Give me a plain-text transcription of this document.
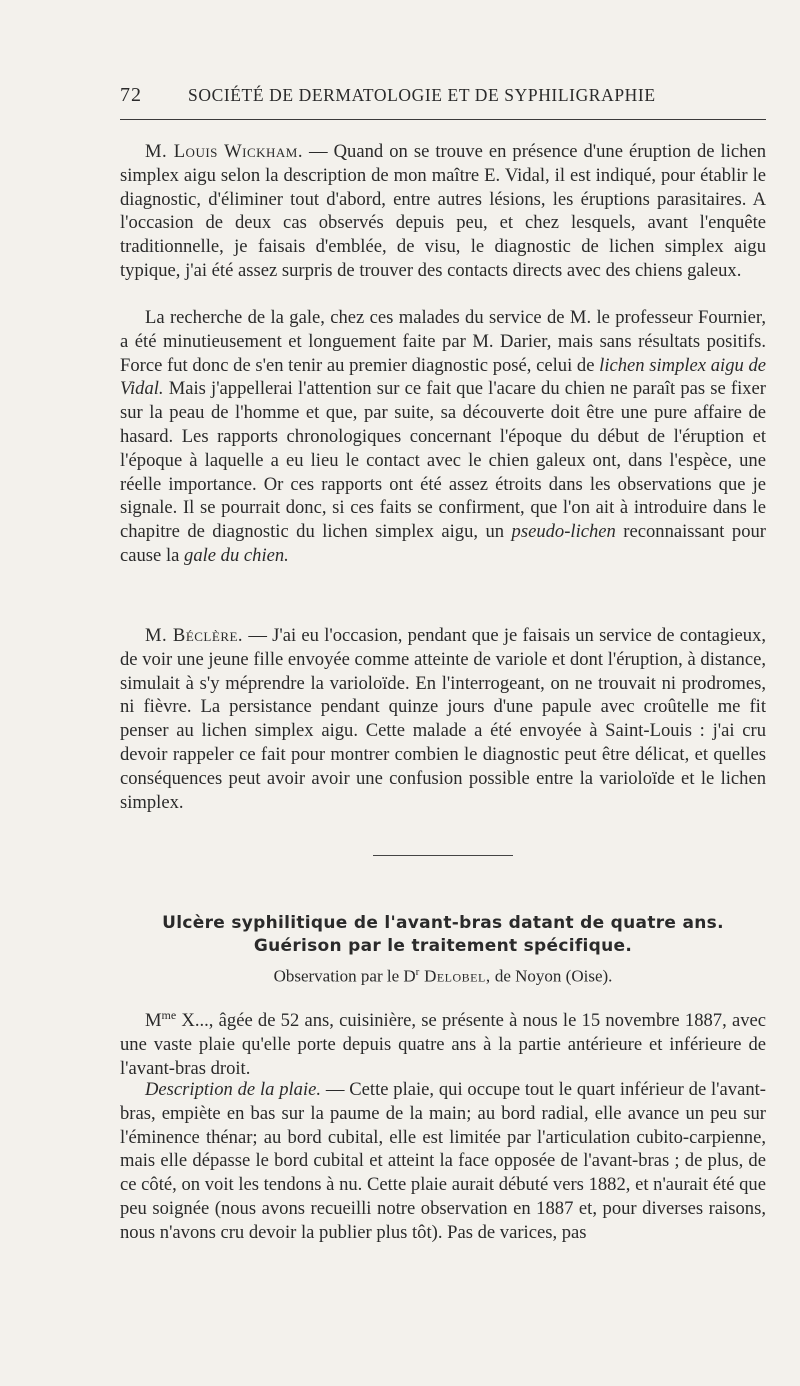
72	SOCIÉTÉ DE DERMATOLOGIE ET DE SYPHILIGRAPHIE

M. Louis Wickham. — Quand on se trouve en présence d'une éruption de lichen simplex aigu selon la description de mon maître E. Vidal, il est indiqué, pour établir le diagnostic, d'éliminer tout d'abord, entre autres lésions, les éruptions parasitaires. A l'occasion de deux cas observés depuis peu, et chez lesquels, avant l'enquête traditionnelle, je faisais d'emblée, de visu, le diagnostic de lichen simplex aigu typique, j'ai été assez surpris de trouver des contacts directs avec des chiens galeux.

La recherche de la gale, chez ces malades du service de M. le professeur Fournier, a été minutieusement et longuement faite par M. Darier, mais sans résultats positifs. Force fut donc de s'en tenir au premier diagnostic posé, celui de lichen simplex aigu de Vidal. Mais j'appellerai l'attention sur ce fait que l'acare du chien ne paraît pas se fixer sur la peau de l'homme et que, par suite, sa découverte doit être une pure affaire de hasard. Les rapports chronologiques concernant l'époque du début de l'éruption et l'époque à laquelle a eu lieu le contact avec le chien galeux ont, dans l'espèce, une réelle importance. Or ces rapports ont été assez étroits dans les observations que je signale. Il se pourrait donc, si ces faits se confirment, que l'on ait à introduire dans le chapitre de diagnostic du lichen simplex aigu, un pseudo-lichen reconnaissant pour cause la gale du chien.

M. Béclère. — J'ai eu l'occasion, pendant que je faisais un service de contagieux, de voir une jeune fille envoyée comme atteinte de variole et dont l'éruption, à distance, simulait à s'y méprendre la varioloïde. En l'interrogeant, on ne trouvait ni prodromes, ni fièvre. La persistance pendant quinze jours d'une papule avec croûtelle me fit penser au lichen simplex aigu. Cette malade a été envoyée à Saint-Louis : j'ai cru devoir rappeler ce fait pour montrer combien le diagnostic peut être délicat, et quelles conséquences peut avoir avoir une confusion possible entre la varioloïde et le lichen simplex.

Ulcère syphilitique de l'avant-bras datant de quatre ans. Guérison par le traitement spécifique.

Observation par le $D^r$ Delobel, de Noyon (Oise).

$M^{me}$ X..., âgée de 52 ans, cuisinière, se présente à nous le 15 novembre 1887, avec une vaste plaie qu'elle porte depuis quatre ans à la partie antérieure et inférieure de l'avant-bras droit.

Description de la plaie. — Cette plaie, qui occupe tout le quart inférieur de l'avant-bras, empiète en bas sur la paume de la main; au bord radial, elle avance un peu sur l'éminence thénar; au bord cubital, elle est limitée par l'articulation cubito-carpienne, mais elle dépasse le bord cubital et atteint la face opposée de l'avant-bras ; de plus, de ce côté, on voit les tendons à nu. Cette plaie aurait débuté vers 1882, et n'aurait été que peu soignée (nous avons recueilli notre observation en 1887 et, pour diverses raisons, nous n'avons cru devoir la publier plus tôt). Pas de varices, pas
